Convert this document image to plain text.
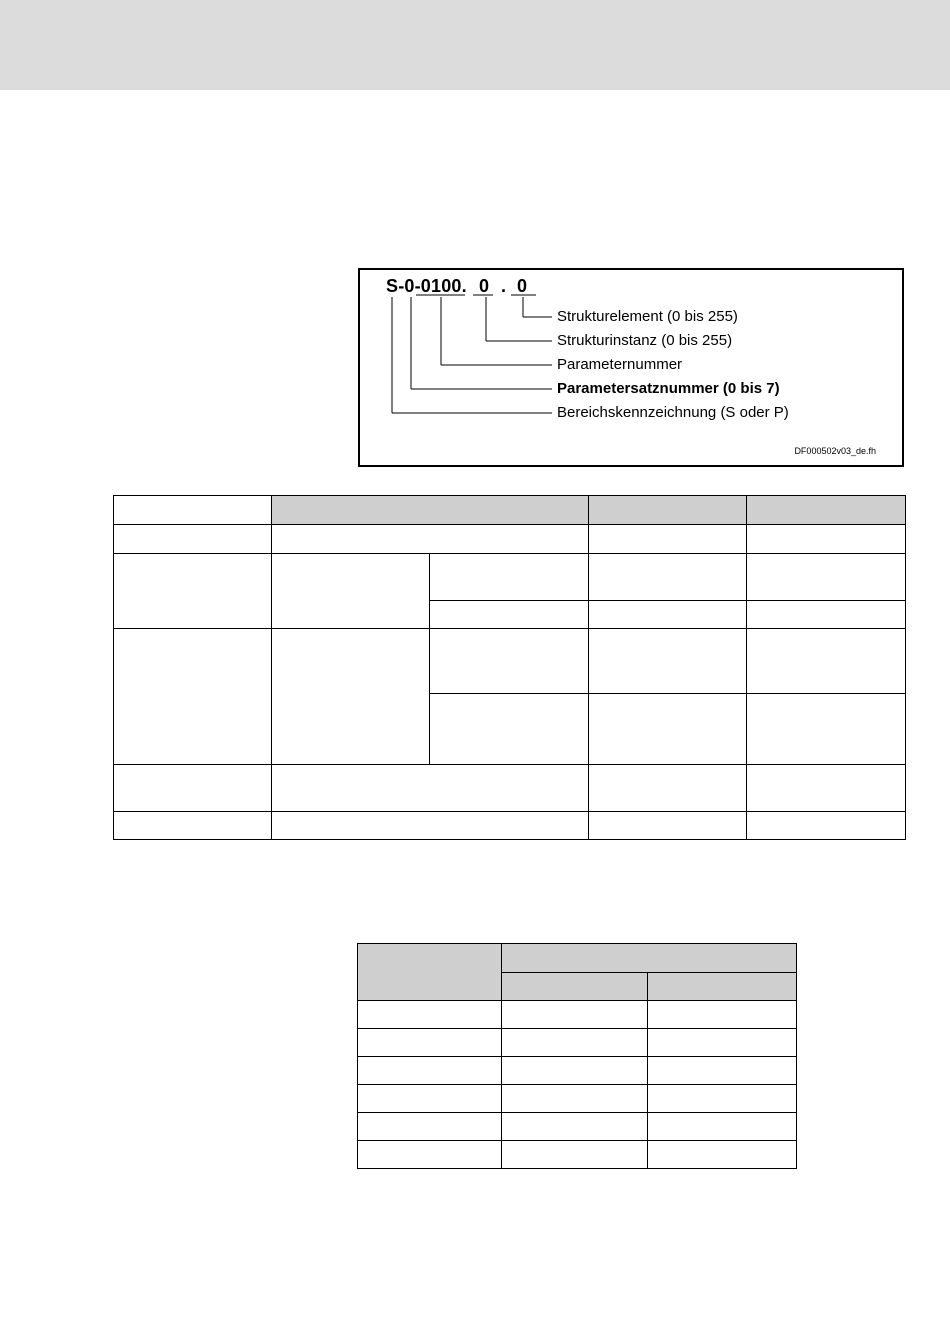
S-0-0100. 0 . 0
Strukturelement (0 bis 255)
Strukturinstanz (0 bis 255)
Parameternummer
Parametersatznummer (0 bis 7)
Bereichskennzeichnung (S oder P)
DF000502v03_de.fh
